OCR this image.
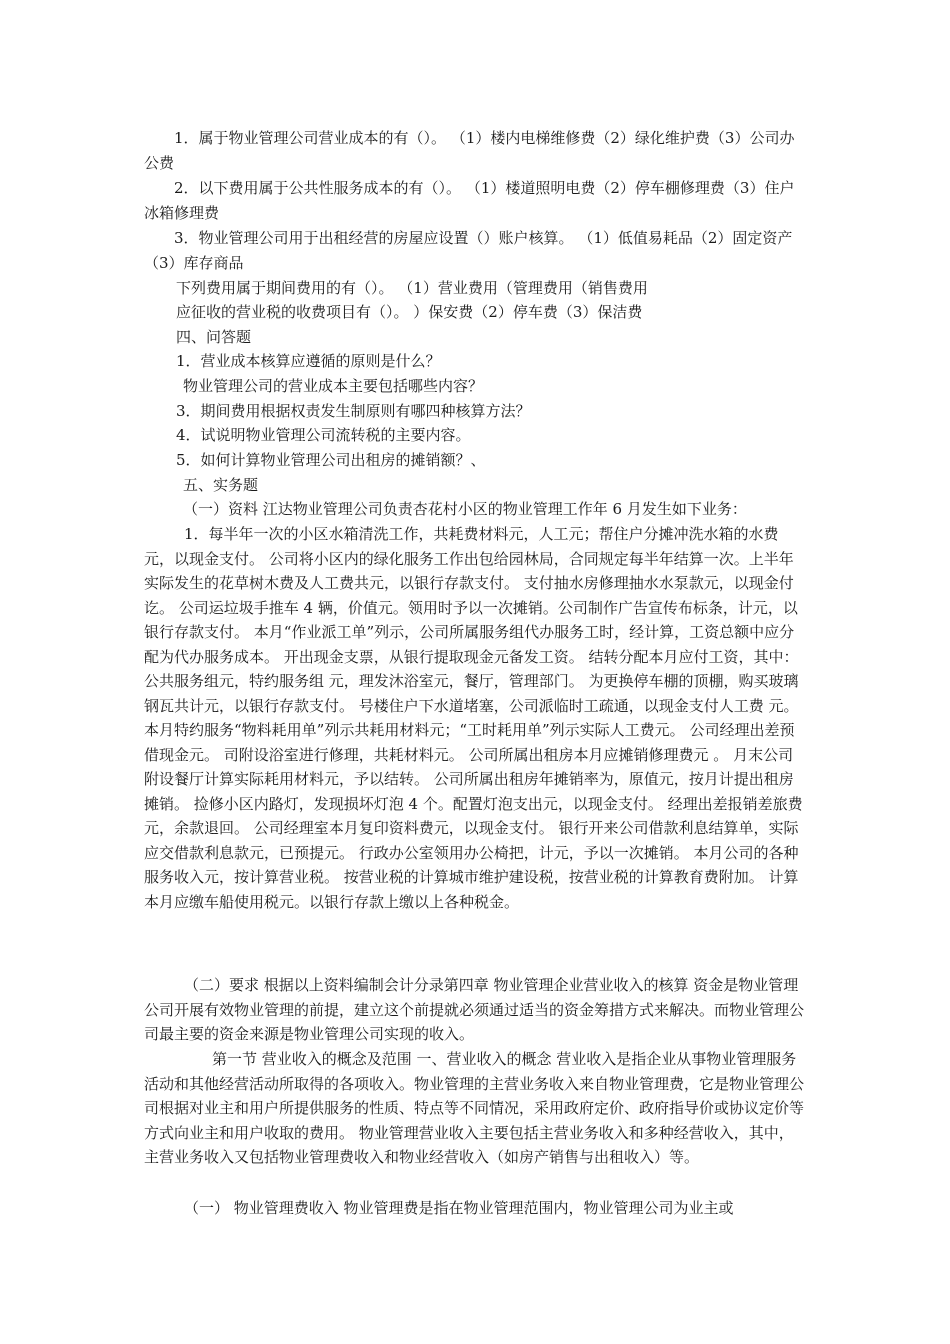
1．属于物业管理公司营业成本的有（）。 （1）楼内电梯维修费（2）绿化维护费（3）公司办公费

2．以下费用属于公共性服务成本的有（）。 （1）楼道照明电费（2）停车棚修理费（3）住户冰箱修理费

3．物业管理公司用于出租经营的房屋应设置（）账户核算。 （1）低值易耗品（2）固定资产（3）库存商品

下列费用属于期间费用的有（）。 （1）营业费用（管理费用（销售费用
应征收的营业税的收费项目有（）。 ）保安费（2）停车费（3）保洁费
四、问答题
1．营业成本核算应遵循的原则是什么？
物业管理公司的营业成本主要包括哪些内容？
3．期间费用根据权责发生制原则有哪四种核算方法？
4．试说明物业管理公司流转税的主要内容。
5．如何计算物业管理公司出租房的摊销额？、
五、实务题
（一）资料 江达物业管理公司负责杏花村小区的物业管理工作年 6 月发生如下业务：

1．每半年一次的小区水箱清洗工作，共耗费材料元，人工元；帮住户分摊冲洗水箱的水费元，以现金支付。 公司将小区内的绿化服务工作出包给园林局，合同规定每半年结算一次。上半年实际发生的花草树木费及人工费共元，以银行存款支付。 支付抽水房修理抽水水泵款元，以现金付讫。 公司运垃圾手推车 4 辆，价值元。领用时予以一次摊销。公司制作广告宣传布标条，计元，以银行存款支付。 本月“作业派工单”列示，公司所属服务组代办服务工时，经计算，工资总额中应分配为代办服务成本。 开出现金支票，从银行提取现金元备发工资。 结转分配本月应付工资，其中：公共服务组元，特约服务组 元，理发沐浴室元，餐厅，管理部门。 为更换停车棚的顶棚，购买玻璃钢瓦共计元，以银行存款支付。 号楼住户下水道堵塞，公司派临时工疏通，以现金支付人工费 元。 本月特约服务“物料耗用单”列示共耗用材料元；“工时耗用单”列示实际人工费元。 公司经理出差预借现金元。 司附设浴室进行修理，共耗材料元。 公司所属出租房本月应摊销修理费元 。 月末公司附设餐厅计算实际耗用材料元，予以结转。 公司所属出租房年摊销率为，原值元，按月计提出租房摊销。 捡修小区内路灯，发现损坏灯泡 4 个。配置灯泡支出元，以现金支付。 经理出差报销差旅费元，余款退回。 公司经理室本月复印资料费元，以现金支付。 银行开来公司借款利息结算单，实际应交借款利息款元，已预提元。 行政办公室领用办公椅把，计元，予以一次摊销。 本月公司的各种服务收入元，按计算营业税。 按营业税的计算城市维护建设税，按营业税的计算教育费附加。 计算本月应缴车船使用税元。以银行存款上缴以上各种税金。

（二）要求 根据以上资料编制会计分录第四章 物业管理企业营业收入的核算 资金是物业管理公司开展有效物业管理的前提，建立这个前提就必须通过适当的资金筹措方式来解决。而物业管理公司最主要的资金来源是物业管理公司实现的收入。

第一节 营业收入的概念及范围 一、营业收入的概念 营业收入是指企业从事物业管理服务活动和其他经营活动所取得的各项收入。物业管理的主营业务收入来自物业管理费，它是物业管理公司根据对业主和用户所提供服务的性质、特点等不同情况，采用政府定价、政府指导价或协议定价等方式向业主和用户收取的费用。 物业管理营业收入主要包括主营业务收入和多种经营收入，其中，主营业务收入又包括物业管理费收入和物业经营收入（如房产销售与出租收入）等。

（一） 物业管理费收入 物业管理费是指在物业管理范围内，物业管理公司为业主或
